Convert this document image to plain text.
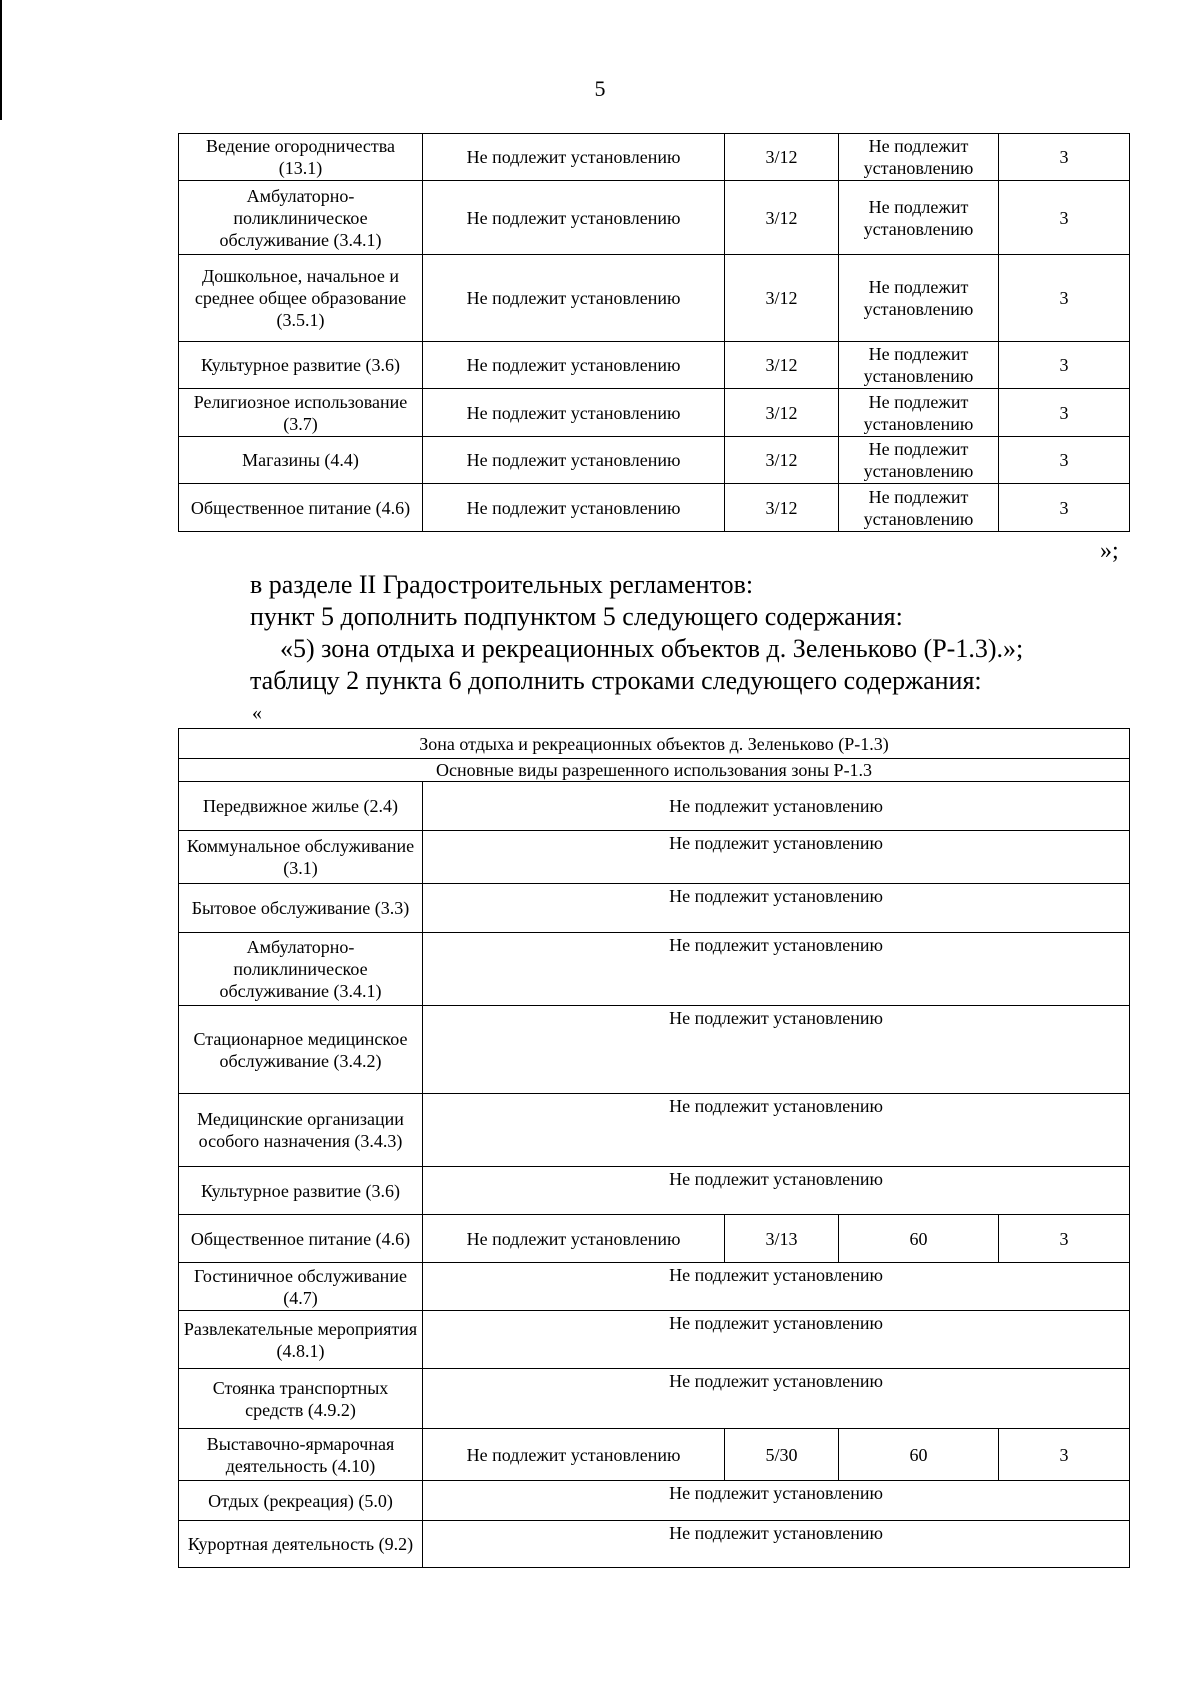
5
Ведение огородничества (13.1)	Не подлежит установлению	3/12	Не подлежит установлению	3
Амбулаторно-поликлиническое обслуживание (3.4.1)	Не подлежит установлению	3/12	Не подлежит установлению	3
Дошкольное, начальное и среднее общее образование (3.5.1)	Не подлежит установлению	3/12	Не подлежит установлению	3
Культурное развитие (3.6)	Не подлежит установлению	3/12	Не подлежит установлению	3
Религиозное использование (3.7)	Не подлежит установлению	3/12	Не подлежит установлению	3
Магазины (4.4)	Не подлежит установлению	3/12	Не подлежит установлению	3
Общественное питание (4.6)	Не подлежит установлению	3/12	Не подлежит установлению	3
»;
в разделе II Градостроительных регламентов:
пункт 5 дополнить подпунктом 5 следующего содержания:
«5) зона отдыха и рекреационных объектов д. Зеленьково (Р-1.3).»;
таблицу 2 пункта 6 дополнить строками следующего содержания:
«
Зона отдыха и рекреационных объектов д. Зеленьково (Р-1.3)				
Основные виды разрешенного использования зоны Р-1.3				
Передвижное жилье (2.4)	Не подлежит установлению			
Коммунальное обслуживание (3.1)	Не подлежит установлению			
Бытовое обслуживание (3.3)	Не подлежит установлению			
Амбулаторно-поликлиническое обслуживание (3.4.1)	Не подлежит установлению			
Стационарное медицинское обслуживание (3.4.2)	Не подлежит установлению			
Медицинские организации особого назначения (3.4.3)	Не подлежит установлению			
Культурное развитие (3.6)	Не подлежит установлению			
Общественное питание (4.6)	Не подлежит установлению	3/13	60	3
Гостиничное обслуживание (4.7)	Не подлежит установлению			
Развлекательные мероприятия (4.8.1)	Не подлежит установлению			
Стоянка транспортных средств (4.9.2)	Не подлежит установлению			
Выставочно-ярмарочная деятельность (4.10)	Не подлежит установлению	5/30	60	3
Отдых (рекреация) (5.0)	Не подлежит установлению			
Курортная деятельность (9.2)	Не подлежит установлению			
